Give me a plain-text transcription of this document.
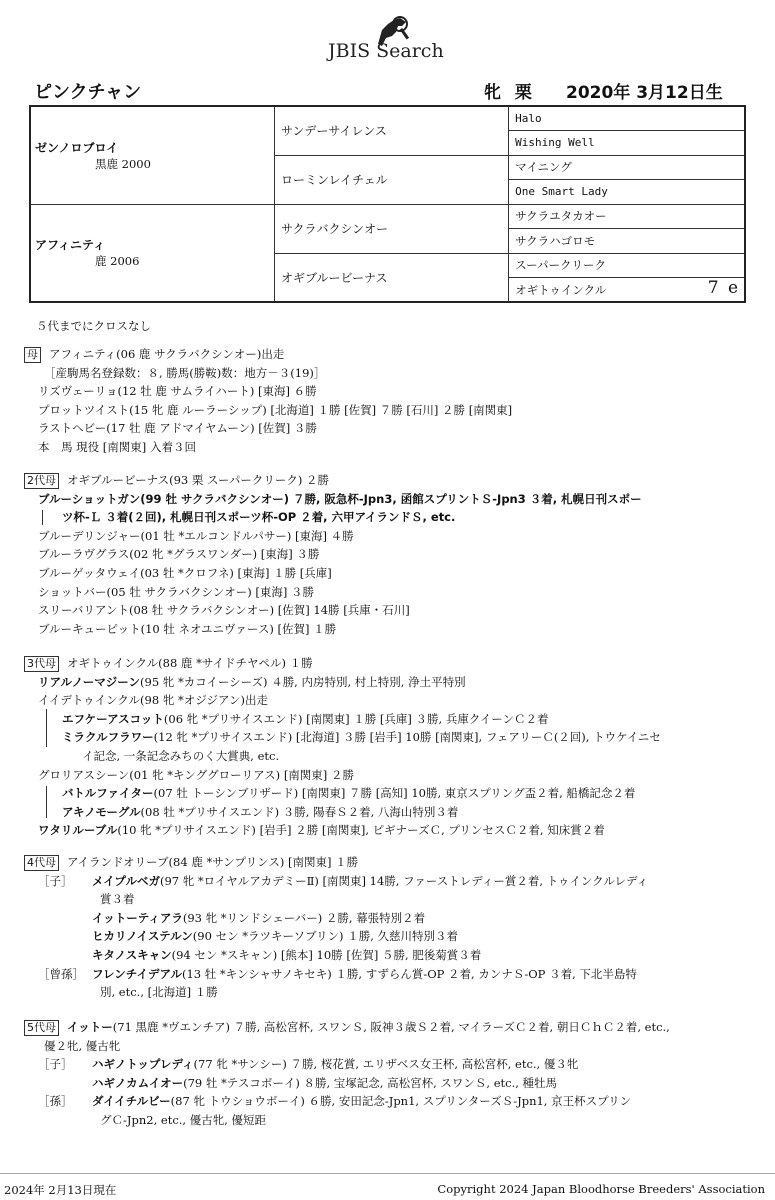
JBIS Search
ピンクチャン	牝 栗 2020年 3月12日生
ゼンノロブロイ
黒鹿 2000	サンデーサイレンス	Halo
		Wishing Well
	ローミンレイチェル	マイニング
		One Smart Lady

アフィニティ
鹿 2006	サクラバクシンオー	サクラユタカオー
		サクラハゴロモ
	オギブルービーナス	スーパークリーク
		オギトゥインクル 7 e
５代までにクロスなし
母 アフィニティ(06 鹿 サクラバクシンオー)出走
［産駒馬名登録数：８, 勝馬(勝鞍)数：地方－３(19)］
リズヴェーリョ(12 牡 鹿 サムライハート) [東海] ６勝
プロットツイスト(15 牝 鹿 ルーラーシップ) [北海道] １勝 [佐賀] ７勝 [石川] ２勝 [南関東]
ラストヘビー(17 牡 鹿 アドマイヤムーン) [佐賀] ３勝
本　馬 現役 [南関東] 入着３回
2代母 オギブルービーナス(93 栗 スーパークリーク) ２勝
ブルーショットガン(99 牡 サクラバクシンオー) ７勝, 阪急杯-Jpn3, 函館スプリントＳ-Jpn3 ３着, 札幌日刊スポー
ツ杯-Ｌ ３着(２回), 札幌日刊スポーツ杯-OP ２着, 六甲アイランドＳ, etc.
ブルーデリンジャー(01 牡 *エルコンドルパサー) [東海] ４勝
ブルーラヴグラス(02 牝 *グラスワンダー) [東海] ３勝
ブルーゲッタウェイ(03 牡 *クロフネ) [東海] １勝 [兵庫]
ショットバー(05 牡 サクラバクシンオー) [東海] ３勝
スリーバリアント(08 牡 サクラバクシンオー) [佐賀] 14勝 [兵庫・石川]
ブルーキューピット(10 牡 ネオユニヴァース) [佐賀] １勝
3代母 オギトゥインクル(88 鹿 *サイドチヤペル) １勝
リアルノーマジーン(95 牝 *カコイーシーズ) ４勝, 内房特別, 村上特別, 浄土平特別
イイデトゥインクル(98 牝 *オジジアン)出走
エフケーアスコット(06 牝 *プリサイスエンド) [南関東] １勝 [兵庫] ３勝, 兵庫クイーンＣ２着
ミラクルフラワー(12 牝 *プリサイスエンド) [北海道] ３勝 [岩手] 10勝 [南関東], フェアリーＣ(２回), トウケイニセ
イ記念, 一条記念みちのく大賞典, etc.
グロリアスシーン(01 牝 *キンググローリアス) [南関東] ２勝
バトルファイター(07 牡 トーシンブリザード) [南関東] ７勝 [高知] 10勝, 東京スプリング盃２着, 船橋記念２着
アキノモーグル(08 牡 *プリサイスエンド) ３勝, 陽春Ｓ２着, 八海山特別３着
ワタリルーブル(10 牝 *プリサイスエンド) [岩手] ２勝 [南関東], ピギナーズＣ, プリンセスＣ２着, 知床賞２着
4代母 アイランドオリーブ(84 鹿 *サンプリンス) [南関東] １勝
［子］ メイプルベガ(97 牝 *ロイヤルアカデミーⅡ) [南関東] 14勝, ファーストレディー賞２着, トゥインクルレディ
賞３着
イットーティアラ(93 牝 *リンドシェーバー) ２勝, 幕張特別２着
ヒカリノイステルン(90 セン *ラツキーソブリン) １勝, 久慈川特別３着
キタノスキャン(94 セン *スキャン) [熊本] 10勝 [佐賀] ５勝, 肥後菊賞３着
［曾孫］ フレンチイデアル(13 牡 *キンシャサノキセキ) １勝, すずらん賞-OP ２着, カンナＳ-OP ３着, 下北半島特
別, etc., [北海道] １勝
5代母 イットー(71 黒鹿 *ヴエンチア) ７勝, 高松宮杯, スワンＳ, 阪神３歳Ｓ２着, マイラーズＣ２着, 朝日ＣｈＣ２着, etc.,
優２牝, 優古牝
［子］ ハギノトップレディ(77 牝 *サンシー) ７勝, 桜花賞, エリザベス女王杯, 高松宮杯, etc., 優３牝
ハギノカムイオー(79 牡 *テスコボーイ) ８勝, 宝塚記念, 高松宮杯, スワンＳ, etc., 種牡馬
［孫］ ダイイチルビー(87 牝 トウショウボーイ) ６勝, 安田記念-Jpn1, スプリンターズＳ-Jpn1, 京王杯スプリン
グＣ-Jpn2, etc., 優古牝, 優短距
2024年 2月13日現在	Copyright 2024 Japan Bloodhorse Breeders' Association
